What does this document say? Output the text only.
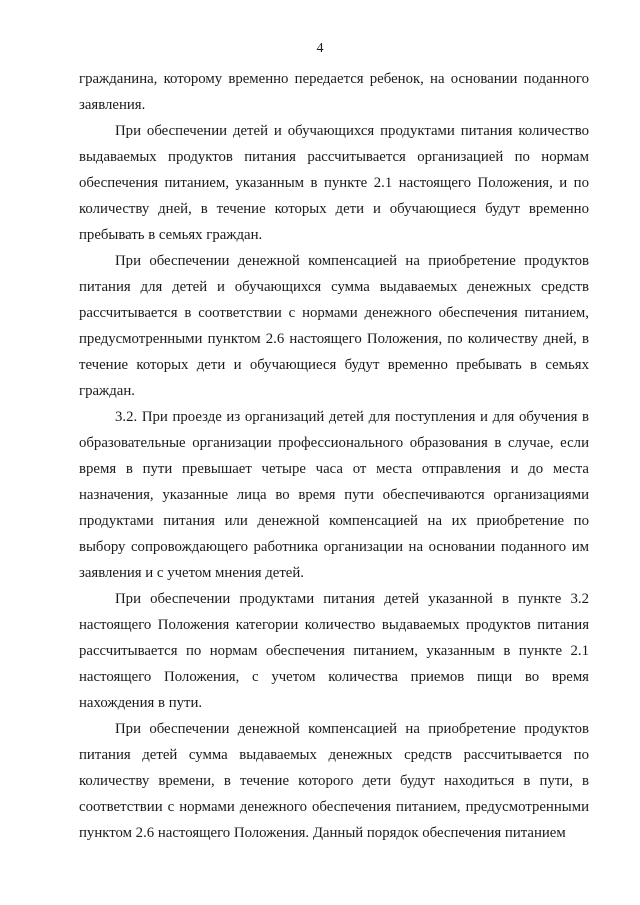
4

гражданина, которому временно передается ребенок, на основании поданного заявления.

При обеспечении детей и обучающихся продуктами питания количество выдаваемых продуктов питания рассчитывается организацией по нормам обеспечения питанием, указанным в пункте 2.1 настоящего Положения, и по количеству дней, в течение которых дети и обучающиеся будут временно пребывать в семьях граждан.

При обеспечении денежной компенсацией на приобретение продуктов питания для детей и обучающихся сумма выдаваемых денежных средств рассчитывается в соответствии с нормами денежного обеспечения питанием, предусмотренными пунктом 2.6 настоящего Положения, по количеству дней, в течение которых дети и обучающиеся будут временно пребывать в семьях граждан.

3.2. При проезде из организаций детей для поступления и для обучения в образовательные организации профессионального образования в случае, если время в пути превышает четыре часа от места отправления и до места назначения, указанные лица во время пути обеспечиваются организациями продуктами питания или денежной компенсацией на их приобретение по выбору сопровождающего работника организации на основании поданного им заявления и с учетом мнения детей.

При обеспечении продуктами питания детей указанной в пункте 3.2 настоящего Положения категории количество выдаваемых продуктов питания рассчитывается по нормам обеспечения питанием, указанным в пункте 2.1 настоящего Положения, с учетом количества приемов пищи во время нахождения в пути.

При обеспечении денежной компенсацией на приобретение продуктов питания детей сумма выдаваемых денежных средств рассчитывается по количеству времени, в течение которого дети будут находиться в пути, в соответствии с нормами денежного обеспечения питанием, предусмотренными пунктом 2.6 настоящего Положения. Данный порядок обеспечения питанием
